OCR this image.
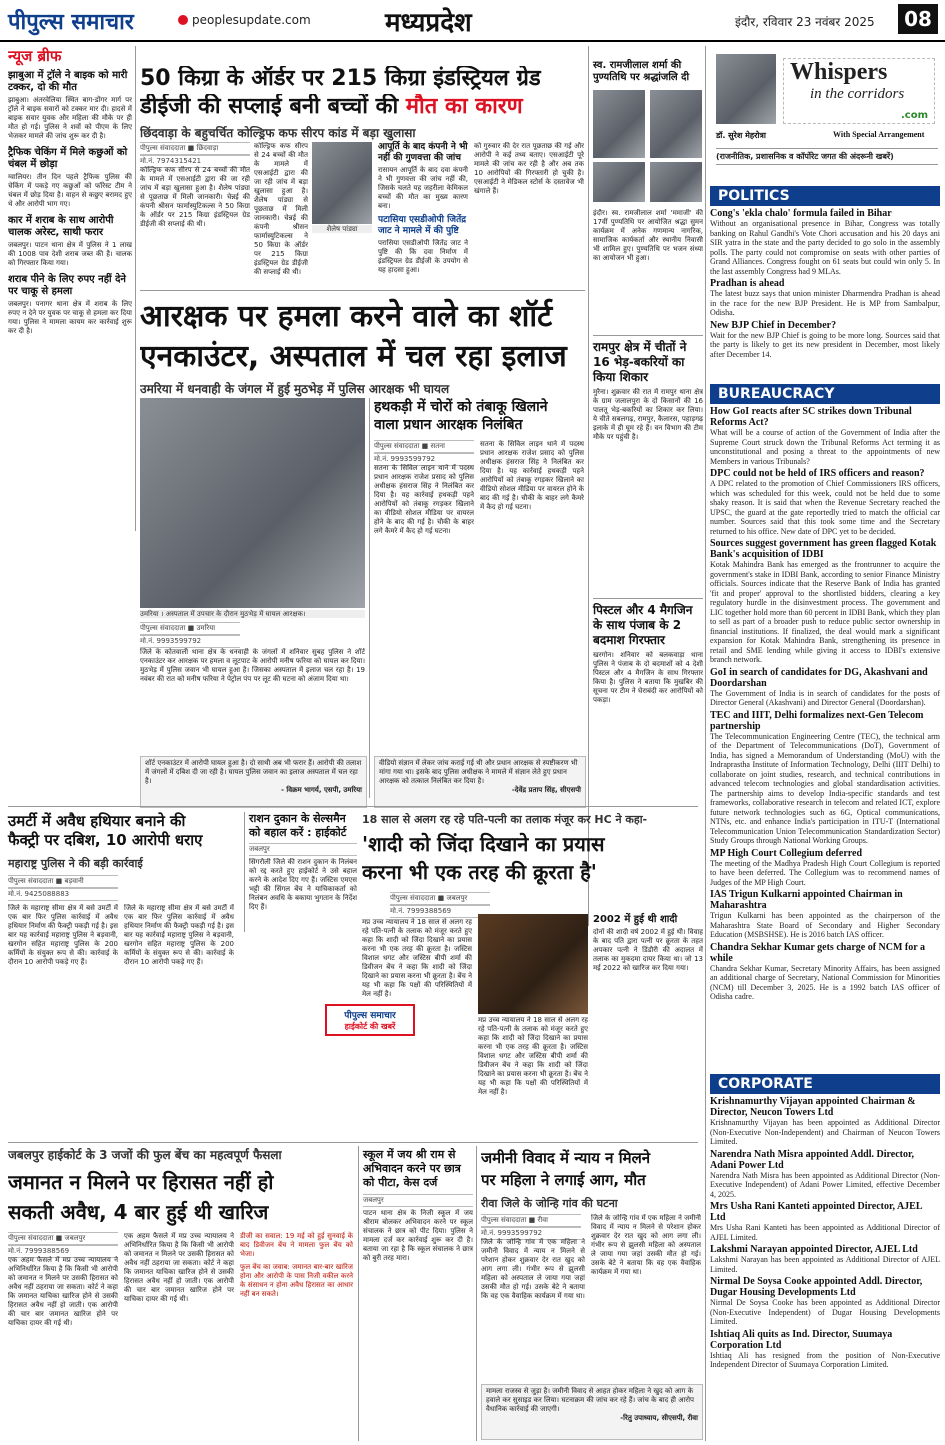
पीपुल्स समाचार	peoplesupdate.com	मध्यप्रदेश	इंदौर, रविवार 23 नवंबर 2025	08
न्यूज ब्रीफ
झाबुआ में ट्रॉले ने बाइक को मारी टक्कर, दो की मौत
झाबुआ। अंतरवेलिया स्थित बाग-डोंगर मार्ग पर ट्रॉले ने बाइक सवारों को टक्कर मार दी। हादसे में बाइक सवार युवक और महिला की मौके पर ही मौत हो गई। पुलिस ने शवों को पीएम के लिए भेजकर मामले की जांच शुरू कर दी है।
ट्रैफिक चेकिंग में मिले कछुओं को चंबल में छोड़ा
ग्वालियर। तीन दिन पहले ट्रैफिक पुलिस की चेकिंग में पकड़े गए कछुओं को फॉरेस्ट टीम ने चंबल में छोड़ दिया है। वाहन से कछुए बरामद हुए थे और आरोपी भाग गए।
कार में शराब के साथ आरोपी चालक अरेस्ट, साथी फरार
जबलपुर। पाटन थाना क्षेत्र में पुलिस ने 1 लाख की 1008 पाव देशी शराब जब्त की है। चालक को गिरफ्तार किया गया।
शराब पीने के लिए रुपए नहीं देने पर चाकू से हमला
जबलपुर। पनागर थाना क्षेत्र में शराब के लिए रुपए न देने पर युवक पर चाकू से हमला कर दिया गया। पुलिस ने मामला कायम कर कार्रवाई शुरू कर दी है।
50 किग्रा के ऑर्डर पर 215 किग्रा इंडस्ट्रियल ग्रेड
डीईजी की सप्लाई बनी बच्चों की मौत का कारण
छिंदवाड़ा के बहुचर्चित कोल्ड्रिफ कफ सीरप कांड में बड़ा खुलासा
पीपुल्स संवाददाता ■ छिंदवाड़ा
मो.नं. 7974315421
कोल्ड्रिफ कफ सीरप से 24 बच्चों की मौत के मामले में एसआईटी द्वारा की जा रही जांच में बड़ा खुलासा हुआ है। शैलेष पांड्या से पूछताछ में मिली जानकारी। चेन्नई की कंपनी श्रीसन फार्मास्युटिकल्स ने 50 किग्रा के ऑर्डर पर 215 किग्रा इंडस्ट्रियल ग्रेड डीईजी की सप्लाई की थी।
शैलेष पांड्या
कोल्ड्रिफ कफ सीरप से 24 बच्चों की मौत के मामले में एसआईटी द्वारा की जा रही जांच में बड़ा खुलासा हुआ है। शैलेष पांड्या से पूछताछ में मिली जानकारी। चेन्नई की कंपनी श्रीसन फार्मास्युटिकल्स ने 50 किग्रा के ऑर्डर पर 215 किग्रा इंडस्ट्रियल ग्रेड डीईजी की सप्लाई की थी।
आपूर्ति के बाद कंपनी ने भी नहीं की गुणवत्ता की जांच
रासायन आपूर्ति के बाद दवा कंपनी ने भी गुणवत्ता की जांच नहीं की, जिसके चलते यह जहरीला केमिकल बच्चों की मौत का मुख्य कारण बना।
पटासिया एसडीओपी जितेंद्र जाट ने मामले में की पुष्टि
परासिया एसडीओपी जितेंद्र जाट ने पुष्टि की कि दवा निर्माण में इंडस्ट्रियल ग्रेड डीईजी के उपयोग से यह हादसा हुआ।
को गुरुवार की देर रात पूछताछ की गई और आरोपी ने कई तथ्य बताए। एसआईटी पूरे मामले की जांच कर रही है और अब तक 10 आरोपियों की गिरफ्तारी हो चुकी है। एसआईटी ने मेडिकल स्टोर्स के दस्तावेज भी खंगाले हैं।
स्व. रामजीलाल शर्मा की पुण्यतिथि पर श्रद्धांजलि दी

इंदौर। स्व. रामजीलाल शर्मा 'ममाजी' की 17वीं पुण्यतिथि पर आयोजित श्रद्धा सुमन कार्यक्रम में अनेक गणमान्य नागरिक, सामाजिक कार्यकर्ता और स्थानीय निवासी भी शामिल हुए। पुण्यतिथि पर भजन संध्या का आयोजन भी हुआ।
Whispers
in the corridors
.com
डॉ. सुरेश मेहरोत्रा	With Special Arrangement
(राजनीतिक, प्रशासनिक व कॉर्पोरेट जगत की अंदरूनी खबरें)
POLITICS
Cong's 'ekla chalo' formula failed in Bihar
Without an organisational presence in Bihar, Congress was totally banking on Rahul Gandhi's Vote Chori accusation and his 20 days ani SIR yatra in the state and the party decided to go solo in the assembly polls. The party could not compromise on seats with other parties of Grand Alliances. Congress fought on 61 seats but could win only 5. In the last assembly Congress had 9 MLAs.
Pradhan is ahead
The latest buzz says that union minister Dharmendra Pradhan is ahead in the race for the new BJP President. He is MP from Sambalpur, Odisha.
New BJP Chief in December?
Wait for the new BJP Chief is going to be more long. Sources said that the party is likely to get its new president in December, most likely after December 14.
BUREAUCRACY
How GoI reacts after SC strikes down Tribunal Reforms Act?
What will be a course of action of the Government of India after the Supreme Court struck down the Tribunal Reforms Act terming it as unconstitutional and posing a threat to the appointments of new Members in various Tribunals?
DPC could not be held of IRS officers and reason?
A DPC related to the promotion of Chief Commissioners IRS officers, which was scheduled for this week, could not be held due to some shaky reason. It is said that when the Revenue Secretary reached the UPSC, the guard at the gate reportedly tried to match the official car number. Sources said that this took some time and the Secretary returned to his office. New date of DPC yet to be decided.
Sources suggest government has green flagged Kotak Bank's acquisition of IDBI
Kotak Mahindra Bank has emerged as the frontrunner to acquire the government's stake in IDBI Bank, according to senior Finance Ministry officials. Sources indicate that the Reserve Bank of India has granted 'fit and proper' approval to the shortlisted bidders, clearing a key regulatory hurdle in the disinvestment process. The government and LIC together hold more than 60 percent in IDBI Bank, which they plan to sell as part of a broader push to reduce public sector ownership in financial institutions. If finalized, the deal would mark a significant expansion for Kotak Mahindra Bank, strengthening its presence in retail and SME lending while giving it access to IDBI's extensive branch network.
GoI in search of candidates for DG, Akashvani and Doordarshan
The Government of India is in search of candidates for the posts of Director General (Akashvani) and Director General (Doordarshan).
TEC and IIIT, Delhi formalizes next-Gen Telecom partnership
The Telecommunication Engineering Centre (TEC), the technical arm of the Department of Telecommunications (DoT), Government of India, has signed a Memorandum of Understanding (MoU) with the Indraprastha Institute of Information Technology, Delhi (IIIT Delhi) to collaborate on joint studies, research, and technical contributions in advanced telecom technologies and global standardisation activities. The partnership aims to develop India-specific standards and test frameworks, collaborative research in telecom and related ICT, explore future network technologies such as 6G, Optical communications, NTNs, etc. and enhance India's participation in ITU-T (International Telecommunication Union Telecommunication Standardization Sector) Study Groups through National Working Groups.
MP High Court Collegium deferred
The meeting of the Madhya Pradesh High Court Collegium is reported to have been deferred. The Collegium was to recommend names of Judges of the MP High Court.
IAS Trigun Kulkarni appointed Chairman in Maharashtra
Trigun Kulkarni has been appointed as the chairperson of the Maharashtra State Board of Secondary and Higher Secondary Education (MSBSHSE). He is 2016 batch IAS officer.
Chandra Sekhar Kumar gets charge of NCM for a while
Chandra Sekhar Kumar, Secretary Minority Affairs, has been assigned an additional charge of Secretary, National Commission for Minorities (NCM) till December 3, 2025. He is a 1992 batch IAS officer of Odisha cadre.
CORPORATE
Krishnamurthy Vijayan appointed Chairman & Director, Neucon Towers Ltd
Krishnamurthy Vijayan has been appointed as Additional Director (Non-Executive Non-Independent) and Chairman of Neucon Towers Limited.
Narendra Nath Misra appointed Addl. Director, Adani Power Ltd
Narendra Nath Misra has been appointed as Additional Director (Non-Executive Independent) of Adani Power Limited, effective December 4, 2025.
Mrs Usha Rani Kanteti appointed Director, AJEL Ltd
Mrs Usha Rani Kanteti has been appointed as Additional Director of AJEL Limited.
Lakshmi Narayan appointed Director, AJEL Ltd
Lakshmi Narayan has been appointed as Additional Director of AJEL Limited.
Nirmal De Soysa Cooke appointed Addl. Director, Dugar Housing Developments Ltd
Nirmal De Soysa Cooke has been appointed as Additional Director (Non-Executive Independent) of Dugar Housing Developments Limited.
Ishtiaq Ali quits as Ind. Director, Suumaya Corporation Ltd
Ishtiaq Ali has resigned from the position of Non-Executive Independent Director of Suumaya Corporation Limited.
आरक्षक पर हमला करने वाले का शॉर्ट
एनकाउंटर, अस्पताल में चल रहा इलाज
उमरिया में धनवाही के जंगल में हुई मुठभेड़ में पुलिस आरक्षक भी घायल
उमरिया । अस्पताल में उपचार के दौरान मुठभेड़ में घायल आरक्षक।
पीपुल्स संवाददाता ■ उमरिया
मो.नं. 9993599792
जिले के कोतवाली थाना क्षेत्र के धनवाही के जंगलों में शनिवार सुबह पुलिस ने शॉर्ट एनकाउंटर कर आरक्षक पर हमला व लूटपाट के आरोपी मनीष फरिया को घायल कर दिया। मुठभेड़ में पुलिस जवान भी घायल हुआ है। जिसका अस्पताल में इलाज चल रहा है। 19 नवंबर की रात को मनीष फरिया ने पेट्रोल पंप पर लूट की घटना को अंजाम दिया था।
शॉर्ट एनकाउंटर में आरोपी घायल हुआ है। दो साथी अब भी फरार हैं। आरोपी की तलाश में जंगलों में दबिश दी जा रही है। घायल पुलिस जवान का इलाज अस्पताल में चल रहा है।
- विक्रम भागर्य, एसपी, उमरिया
हथकड़ी में चोरों को तंबाकू खिलाने
वाला प्रधान आरक्षक निलंबित
पीपुल्स संवाददाता ■ सतना
मो.नं. 9993599792
सतना के सिविल लाइन थाने में पदस्थ प्रधान आरक्षक राजेश प्रसाद को पुलिस अधीक्षक हंसराज सिंह ने निलंबित कर दिया है। यह कार्रवाई हथकड़ी पहने आरोपियों को तंबाकू रगड़कर खिलाने का वीडियो सोशल मीडिया पर वायरल होने के बाद की गई है। चौकी के बाहर लगे कैमरे में कैद हो गई घटना।
सतना के सिविल लाइन थाने में पदस्थ प्रधान आरक्षक राजेश प्रसाद को पुलिस अधीक्षक हंसराज सिंह ने निलंबित कर दिया है। यह कार्रवाई हथकड़ी पहने आरोपियों को तंबाकू रगड़कर खिलाने का वीडियो सोशल मीडिया पर वायरल होने के बाद की गई है। चौकी के बाहर लगे कैमरे में कैद हो गई घटना।
वीडियो संज्ञान में लेकर जांच कराई गई थी और प्रधान आरक्षक से स्पष्टीकरण भी मांगा गया था। इसके बाद पुलिस अधीक्षक ने मामले में संज्ञान लेते हुए प्रधान आरक्षक को तत्काल निलंबित कर दिया है।
-देवेंद्र प्रताप सिंह, सीएसपी
रामपुर क्षेत्र में चीतों ने 16 भेड़-बकरियों का किया शिकार
मुरैना। शुक्रवार की रात में रामपुर थाना क्षेत्र के ग्राम जलालपुरा के दो किसानों की 16 पालतू भेड़-बकरियों का शिकार कर लिया। ये चीते सबलगढ़, रामपुर, कैलारस, पहाड़गढ़ इलाके में ही घूम रहे हैं। वन विभाग की टीम मौके पर पहुंची है।
पिस्टल और 4 मैगजिन के साथ पंजाब के 2 बदमाश गिरफ्तार
खरगोन। शनिवार को बलकवाड़ा थाना पुलिस ने पंजाब के दो बदमाशों को 4 देशी पिस्टल और 4 मैगजिन के साथ गिरफ्तार किया है। पुलिस ने बताया कि मुखबिर की सूचना पर टीम ने घेराबंदी कर आरोपियों को पकड़ा।
उमर्टी में अवैध हथियार बनाने की
फैक्ट्री पर दबिश, 10 आरोपी धराए
महाराष्ट्र पुलिस ने की बड़ी कार्रवाई
पीपुल्स संवाददाता ■ बड़वानी
मो.नं. 9425088883
जिले के महाराष्ट्र सीमा क्षेत्र में बसे उमर्टी में एक बार फिर पुलिस कार्रवाई में अवैध हथियार निर्माण की फैक्ट्री पकड़ी गई है। इस बार यह कार्रवाई महाराष्ट्र पुलिस ने बड़वानी, खरगोन सहित महाराष्ट्र पुलिस के 200 कर्मियों के संयुक्त रूप से की। कार्रवाई के दौरान 10 आरोपी पकड़े गए हैं।
जिले के महाराष्ट्र सीमा क्षेत्र में बसे उमर्टी में एक बार फिर पुलिस कार्रवाई में अवैध हथियार निर्माण की फैक्ट्री पकड़ी गई है। इस बार यह कार्रवाई महाराष्ट्र पुलिस ने बड़वानी, खरगोन सहित महाराष्ट्र पुलिस के 200 कर्मियों के संयुक्त रूप से की। कार्रवाई के दौरान 10 आरोपी पकड़े गए हैं।
राशन दुकान के सेल्समैन को बहाल करें : हाईकोर्ट
जबलपुर
सिंगरौली जिले की राशन दुकान के निलंबन को रद्द करते हुए हाईकोर्ट ने उसे बहाल करने के आदेश दिए गए हैं। जस्टिस एमएस भट्टी की सिंगल बेंच ने याचिकाकर्ता को निलंबन अवधि के बकाया भुगतान के निर्देश दिए हैं।
पीपुल्स समाचार
हाईकोर्ट की खबरें
18 साल से अलग रह रहे पति-पत्नी का तलाक मंजूर कर HC ने कहा-
'शादी को जिंदा दिखाने का प्रयास
करना भी एक तरह की क्रूरता है'
पीपुल्स संवाददाता ■ जबलपुर
मो.नं. 7999388569
मप्र उच्च न्यायालय ने 18 साल से अलग रह रहे पति-पत्नी के तलाक को मंजूर करते हुए कहा कि शादी को जिंदा दिखाने का प्रयास करना भी एक तरह की क्रूरता है। जस्टिस विशाल धगट और जस्टिस बीपी शर्मा की डिवीजन बेंच ने कहा कि शादी को जिंदा दिखाने का प्रयास करना भी क्रूरता है। बेंच ने यह भी कहा कि पक्षों की परिस्थितियों में मेल नहीं है।
मप्र उच्च न्यायालय ने 18 साल से अलग रह रहे पति-पत्नी के तलाक को मंजूर करते हुए कहा कि शादी को जिंदा दिखाने का प्रयास करना भी एक तरह की क्रूरता है। जस्टिस विशाल धगट और जस्टिस बीपी शर्मा की डिवीजन बेंच ने कहा कि शादी को जिंदा दिखाने का प्रयास करना भी क्रूरता है। बेंच ने यह भी कहा कि पक्षों की परिस्थितियों में मेल नहीं है।
2002 में हुई थी शादी
दोनों की शादी वर्ष 2002 में हुई थी। विवाह के बाद पति द्वारा पत्नी पर क्रूरता के तहत अपकार पत्नी ने डिंडौरी की अदालत में तलाक का मुकदमा दायर किया था। जो 13 मई 2022 को खारिज कर दिया गया।
जबलपुर हाईकोर्ट के 3 जजों की फुल बेंच का महत्वपूर्ण फैसला
जमानत न मिलने पर हिरासत नहीं हो
सकती अवैध, 4 बार हुई थी खारिज
पीपुल्स संवाददाता ■ जबलपुर
मो.नं. 7999388569
एक अहम फैसले में मप्र उच्च न्यायालय ने अभिनिर्धारित किया है कि किसी भी आरोपी को जमानत न मिलने पर उसकी हिरासत को अवैध नहीं ठहराया जा सकता। कोर्ट ने कहा कि जमानत याचिका खारिज होने से उसकी हिरासत अवैध नहीं हो जाती। एक आरोपी की चार बार जमानत खारिज होने पर याचिका दायर की गई थी।
एक अहम फैसले में मप्र उच्च न्यायालय ने अभिनिर्धारित किया है कि किसी भी आरोपी को जमानत न मिलने पर उसकी हिरासत को अवैध नहीं ठहराया जा सकता। कोर्ट ने कहा कि जमानत याचिका खारिज होने से उसकी हिरासत अवैध नहीं हो जाती। एक आरोपी की चार बार जमानत खारिज होने पर याचिका दायर की गई थी।
डीजी का सवाल: 19 मई को हुई सुनवाई के बाद डिवीजन बेंच ने मामला फुल बेंच को भेजा।
फुल बेंच का जवाब: जमानत बार-बार खारिज होना और आरोपी के पास निजी वकील करने के संसाधन न होना अवैध हिरासत का आधार नहीं बन सकते।
स्कूल में जय श्री राम से अभिवादन करने पर छात्र को पीटा, केस दर्ज
जबलपुर
पाटन थाना क्षेत्र के निजी स्कूल में जय श्रीराम बोलकर अभिवादन करने पर स्कूल संचालक ने छात्र को पीट दिया। पुलिस ने मामला दर्ज कर कार्रवाई शुरू कर दी है। बताया जा रहा है कि स्कूल संचालक ने छात्र को बुरी तरह मारा।
जमीनी विवाद में न्याय न मिलने
पर महिला ने लगाई आग, मौत
रीवा जिले के जोन्हि गांव की घटना
पीपुल्स संवाददाता ■ रीवा
मो.नं. 9993599792
जिले के जोन्हि गांव में एक महिला ने जमीनी विवाद में न्याय न मिलने से परेशान होकर शुक्रवार देर रात खुद को आग लगा ली। गंभीर रूप से झुलसी महिला को अस्पताल ले जाया गया जहां उसकी मौत हो गई। उसके बेटे ने बताया कि वह एक वैवाहिक कार्यक्रम में गया था।
जिले के जोन्हि गांव में एक महिला ने जमीनी विवाद में न्याय न मिलने से परेशान होकर शुक्रवार देर रात खुद को आग लगा ली। गंभीर रूप से झुलसी महिला को अस्पताल ले जाया गया जहां उसकी मौत हो गई। उसके बेटे ने बताया कि वह एक वैवाहिक कार्यक्रम में गया था।
मामला राजस्व से जुड़ा है। जमीनी विवाद से आहत होकर महिला ने खुद को आग के हवाले कर सुसाइड कर लिया। घटनाक्रम की जांच कर रहे हैं। जांच के बाद ही आरोप वैधानिक कार्रवाई की जाएगी।
-रितु उपाध्याय, सीएसपी, रीवा
